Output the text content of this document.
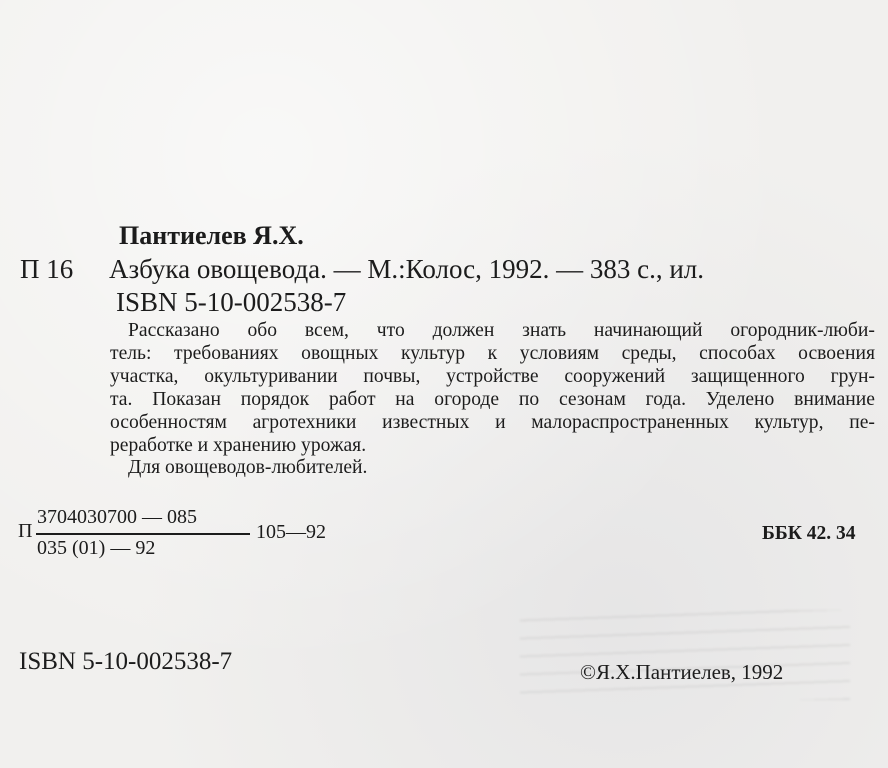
Пантиелев Я.Х.
П 16 Азбука овощевода. — М.:Колос, 1992. — 383 с., ил.
ISBN 5-10-002538-7
Рассказано обо всем, что должен знать начинающий огородник-люби-
тель: требованиях овощных культур к условиям среды, способах освоения
участка, окультуривании почвы, устройстве сооружений защищенного грун-
та. Показан порядок работ на огороде по сезонам года. Уделено внимание
особенностям агротехники известных и малораспространенных культур, пе-
реработке и хранению урожая.
Для овощеводов-любителей.
П
3704030700 — 085
035 (01) — 92
105—92	ББК 42. 34
ISBN 5-10-002538-7	©Я.Х.Пантиелев, 1992
